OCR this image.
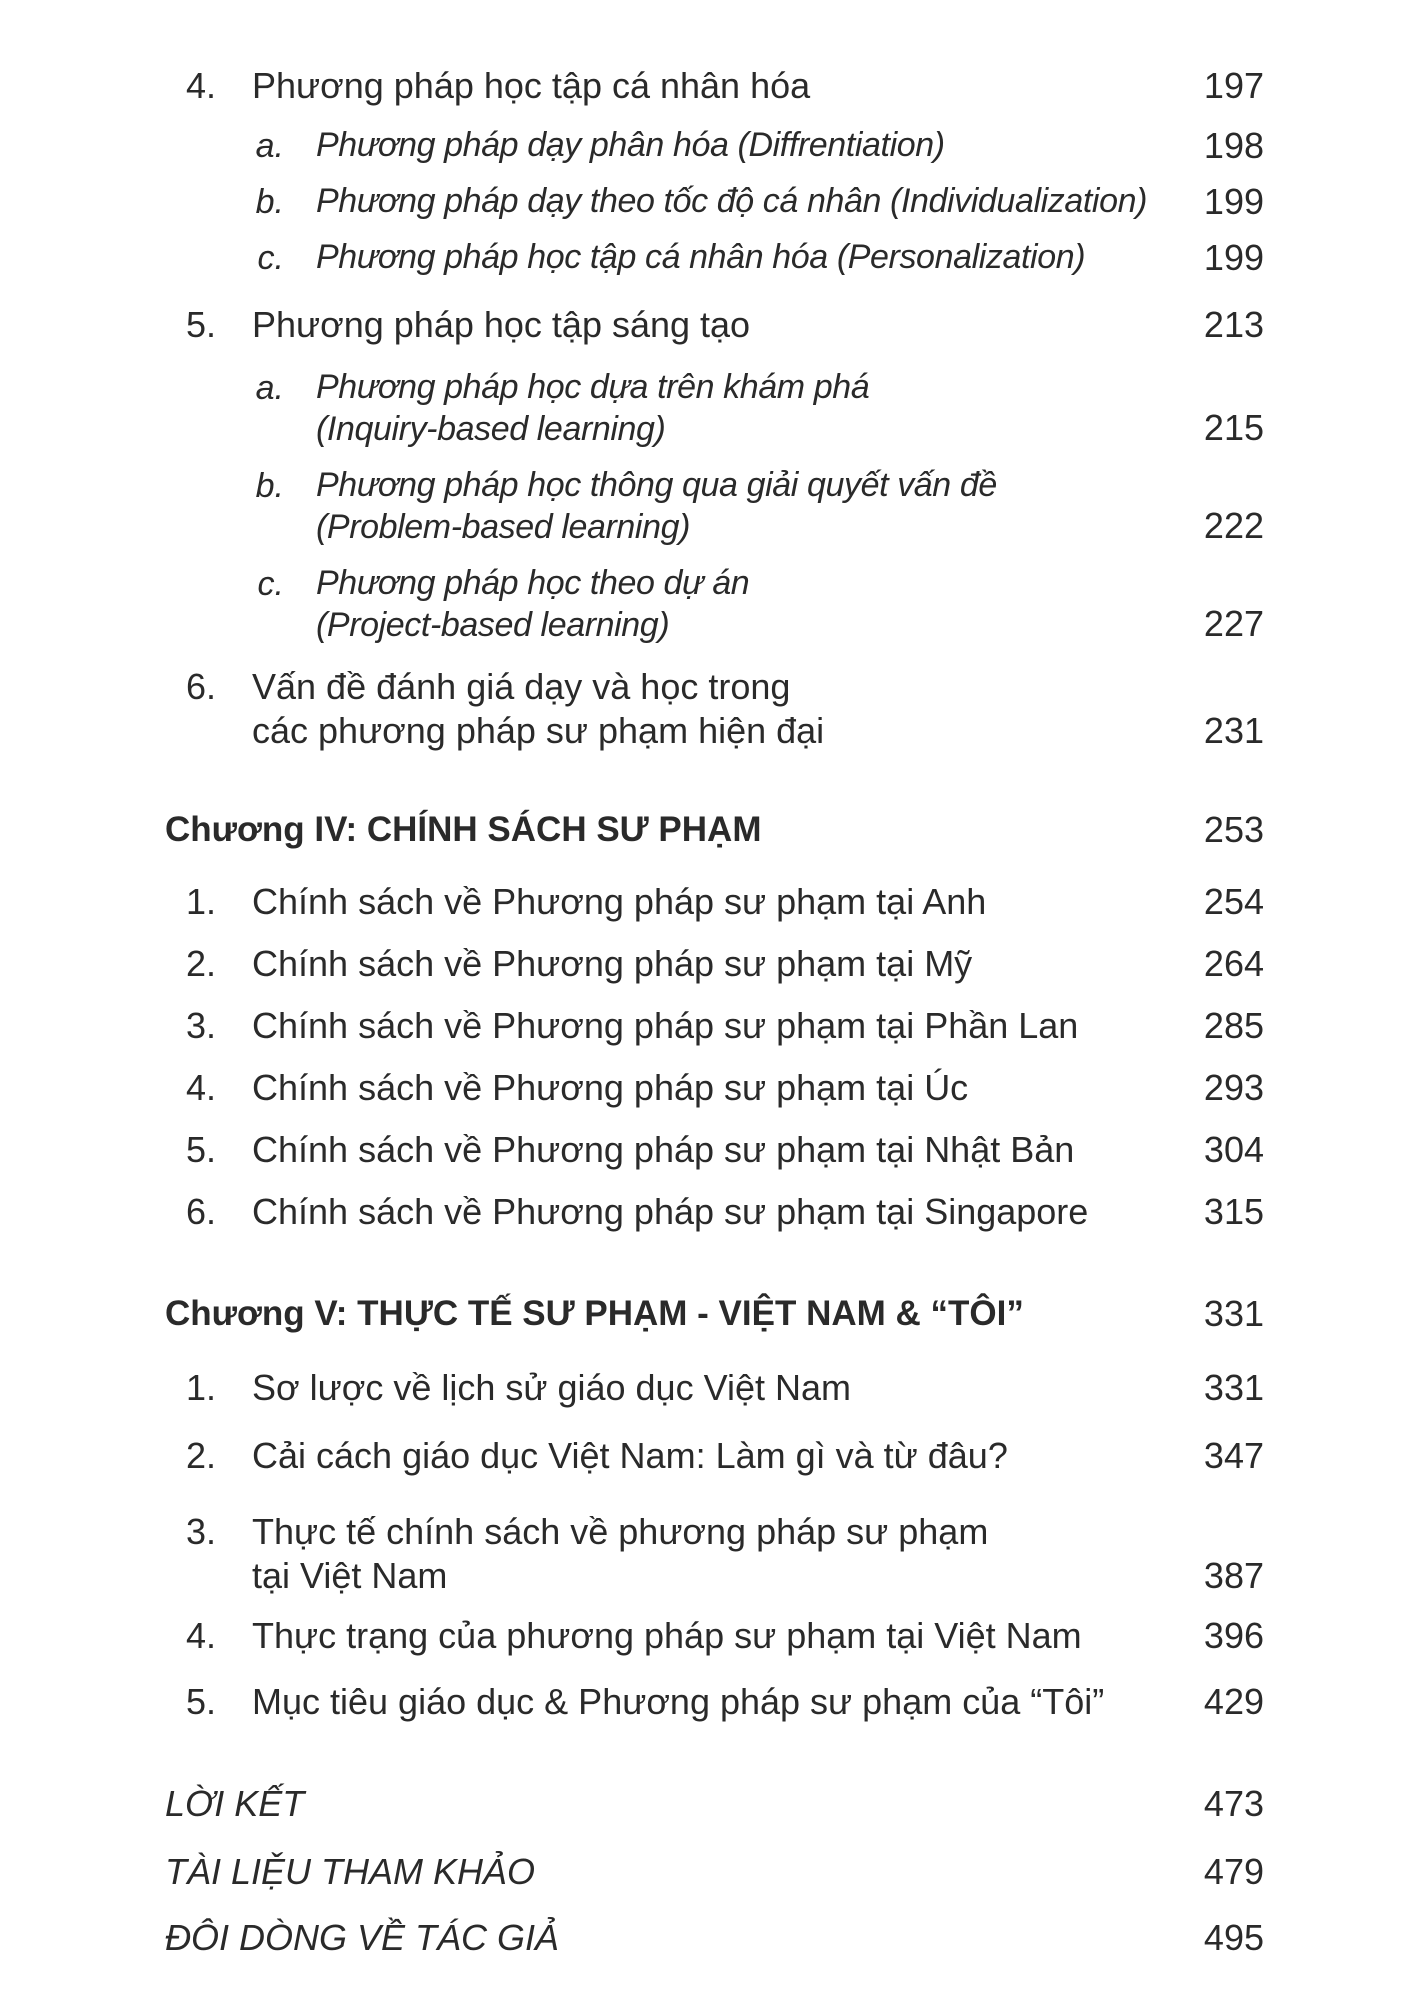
4. Phương pháp học tập cá nhân hóa	197
a. Phương pháp dạy phân hóa (Diffrentiation)	198
b. Phương pháp dạy theo tốc độ cá nhân (Individualization)	199
c. Phương pháp học tập cá nhân hóa (Personalization)	199
5. Phương pháp học tập sáng tạo	213
a. Phương pháp học dựa trên khám phá
(Inquiry-based learning)	215
b. Phương pháp học thông qua giải quyết vấn đề
(Problem-based learning)	222
c. Phương pháp học theo dự án
(Project-based learning)	227
6. Vấn đề đánh giá dạy và học trong
các phương pháp sư phạm hiện đại	231
Chương IV: CHÍNH SÁCH SƯ PHẠM	253
1. Chính sách về Phương pháp sư phạm tại Anh	254
2. Chính sách về Phương pháp sư phạm tại Mỹ	264
3. Chính sách về Phương pháp sư phạm tại Phần Lan	285
4. Chính sách về Phương pháp sư phạm tại Úc	293
5. Chính sách về Phương pháp sư phạm tại Nhật Bản	304
6. Chính sách về Phương pháp sư phạm tại Singapore	315
Chương V: THỰC TẾ SƯ PHẠM - VIỆT NAM & “TÔI”	331
1. Sơ lược về lịch sử giáo dục Việt Nam	331
2. Cải cách giáo dục Việt Nam: Làm gì và từ đâu?	347
3. Thực tế chính sách về phương pháp sư phạm
tại Việt Nam	387
4. Thực trạng của phương pháp sư phạm tại Việt Nam	396
5. Mục tiêu giáo dục & Phương pháp sư phạm của “Tôi”	429
LỜI KẾT	473
TÀI LIỆU THAM KHẢO	479
ĐÔI DÒNG VỀ TÁC GIẢ	495
